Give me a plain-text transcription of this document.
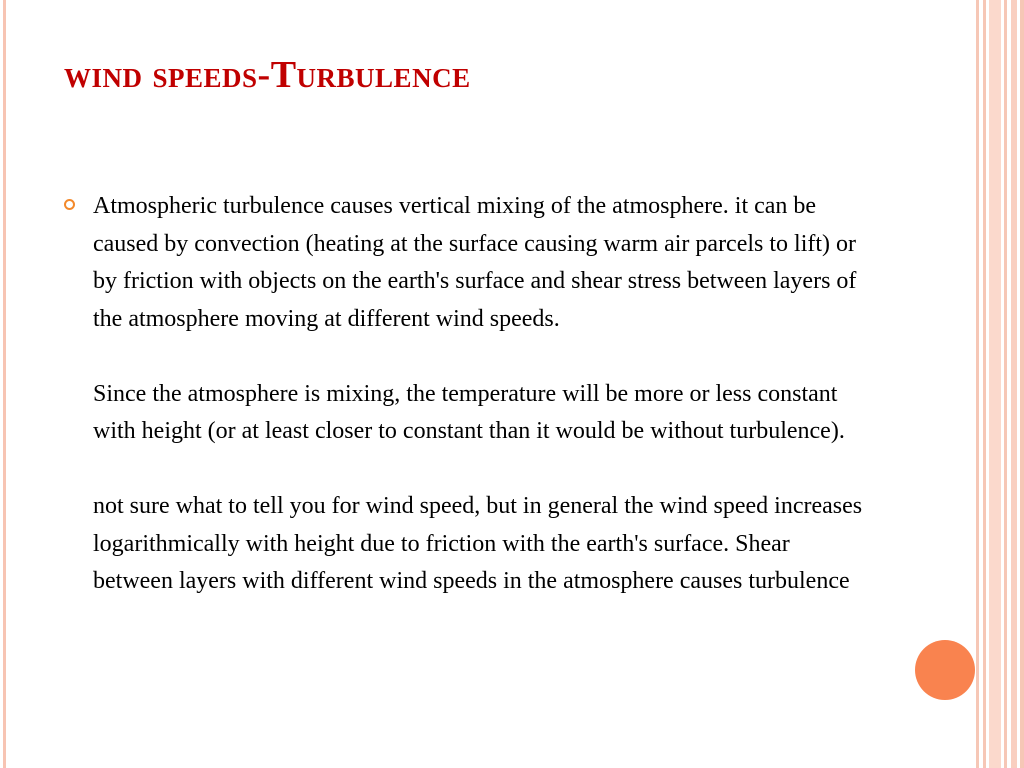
wind speeds-Turbulence

Atmospheric turbulence causes vertical mixing of the atmosphere. it can be caused by convection (heating at the surface causing warm air parcels to lift) or by friction with objects on the earth's surface and shear stress between layers of the atmosphere moving at different wind speeds.

Since the atmosphere is mixing, the temperature will be more or less constant with height (or at least closer to constant than it would be without turbulence).

not sure what to tell you for wind speed, but in general the wind speed increases logarithmically with height due to friction with the earth's surface. Shear between layers with different wind speeds in the atmosphere causes turbulence
